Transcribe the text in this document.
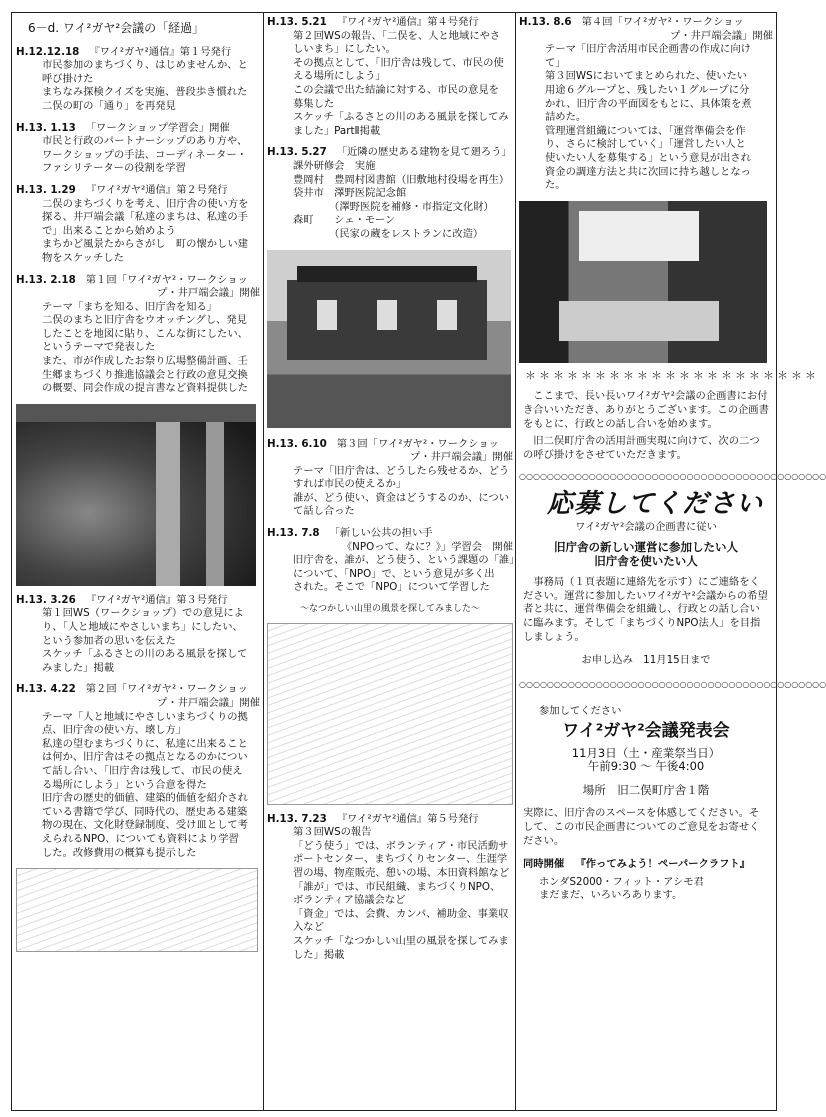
6－d. ワイ²ガヤ²会議の「経過」
H.12.12.18 『ワイ²ガヤ²通信』第１号発行
市民参加のまちづくり、はじめませんか、と
呼び掛けた
まちなみ探検クイズを実施、普段歩き慣れた
二俣の町の「通り」を再発見
H.13. 1.13 「ワークショップ学習会」開催
市民と行政のパートナーシップのあり方や、
ワークショップの手法、コーディネーター・
ファシリテーターの役割を学習
H.13. 1.29 『ワイ²ガヤ²通信』第２号発行
二俣のまちづくりを考え、旧庁舎の使い方を
探る、井戸端会議「私達のまちは、私達の手
で」出来ることから始めよう
まちかど風景たからさがし　町の懐かしい建
物をスケッチした
H.13. 2.18 第１回「ワイ²ガヤ²・ワークショッ
プ・井戸端会議」開催
テーマ「まちを知る、旧庁舎を知る」
二俣のまちと旧庁舎をウオッチングし、発見
したことを地図に貼り、こんな街にしたい、
というテーマで発表した
また、市が作成したお祭り広場整備計画、壬
生郷まちづくり推進協議会と行政の意見交換
の概要、同会作成の提言書など資料提供した
H.13. 3.26 『ワイ²ガヤ²通信』第３号発行
第１回WS（ワークショップ）での意見によ
り、「人と地域にやさしいまち」にしたい、
という参加者の思いを伝えた
スケッチ「ふるさとの川のある風景を探して
みました」掲載
H.13. 4.22 第２回「ワイ²ガヤ²・ワークショッ
プ・井戸端会議」開催
テーマ「人と地域にやさしいまちづくりの拠
点、旧庁舎の使い方、壊し方」
私達の望むまちづくりに、私達に出来ること
は何か、旧庁舎はその拠点となるのかについ
て話し合い、「旧庁舎は残して、市民の使え
る場所にしよう」という合意を得た
旧庁舎の歴史的価値、建築的価値を紹介され
ている書籍で学び、同時代の、歴史ある建築
物の現在、文化財登録制度、受け皿として考
えられるNPO、についても資料により学習
した。改修費用の概算も提示した
H.13. 5.21 『ワイ²ガヤ²通信』第４号発行
第２回WSの報告、「二俣を、人と地域にやさ
しいまち」にしたい。
その拠点として、「旧庁舎は残して、市民の使
える場所にしよう」
この会議で出た結論に対する、市民の意見を
募集した
スケッチ「ふるさとの川のある風景を探してみ
ました」PartⅡ掲載
H.13. 5.27 「近隣の歴史ある建物を見て廻ろう」
課外研修会　実施
豊岡村　豊岡村図書館（旧敷地村役場を再生）
袋井市　澤野医院記念館
　　　　（澤野医院を補修・市指定文化財）
森町　　シェ・モーン
　　　　（民家の蔵をレストランに改造）
H.13. 6.10 第３回「ワイ²ガヤ²・ワークショッ
プ・井戸端会議」開催
テーマ「旧庁舎は、どうしたら残せるか、どう
すれば市民の使えるか」
誰が、どう使い、資金はどうするのか、につい
て話し合った
H.13. 7.8 「新しい公共の担い手
《NPOって、なに？》」学習会　開催
旧庁舎を、誰が、どう使う、という課題の「誰」
について、「NPO」で、という意見が多く出
された。そこで「NPO」について学習した
～なつかしい山里の風景を探してみました～
H.13. 7.23 『ワイ²ガヤ²通信』第５号発行
第３回WSの報告
「どう使う」では、ボランティア・市民活動サ
ポートセンター、まちづくりセンター、生涯学
習の場、物産販売、憩いの場、本田資料館など
「誰が」では、市民組織、まちづくりNPO、
ボランティア協議会など
「資金」では、会費、カンパ、補助金、事業収
入など
スケッチ「なつかしい山里の風景を探してみま
した」掲載
H.13. 8.6 第４回「ワイ²ガヤ²・ワークショッ
プ・井戸端会議」開催
テーマ「旧庁舎活用市民企画書の作成に向け
て」
第３回WSにおいてまとめられた、使いたい
用途６グループと、残したい１グループに分
かれ、旧庁舎の平面図をもとに、具体策を煮
詰めた。
管理運営組織については、「運営準備会を作
り、さらに検討していく」「運営したい人と
使いたい人を募集する」という意見が出され
資金の調達方法と共に次回に持ち越しとなっ
た。
＊＊＊＊＊＊＊＊＊＊＊＊＊＊＊＊＊＊＊＊＊
ここまで、長い長いワイ²ガヤ²会議の企画書にお付き合いいただき、ありがとうございます。この企画書をもとに、行政との話し合いを始めます。
旧二俣町庁舎の活用計画実現に向けて、次の二つの呼び掛けをさせていただきます。
○○○○○○○○○○○○○○○○○○○○○○○○○○○○○○○○○○○○○○○○○○○○
応募してください
ワイ²ガヤ²会議の企画書に従い
旧庁舎の新しい運営に参加したい人
旧庁舎を使いたい人
事務局（１頁表題に連絡先を示す）にご連絡をください。運営に参加したいワイ²ガヤ²会議からの希望者と共に、運営準備会を組織し、行政との話し合いに臨みます。そして「まちづくりNPO法人」を目指しましょう。
お申し込み　11月15日まで
○○○○○○○○○○○○○○○○○○○○○○○○○○○○○○○○○○○○○○○○○○○○
参加してください
ワイ²ガヤ²会議発表会
11月3日（土・産業祭当日）
午前9:30 ～ 午後4:00
場所　旧二俣町庁舎１階
実際に、旧庁舎のスペースを体感してください。そして、この市民企画書についてのご意見をお寄せください。
同時開催 『作ってみよう！ペーパークラフト』
ホンダS2000・フィット・アシモ君
まだまだ、いろいろあります。
